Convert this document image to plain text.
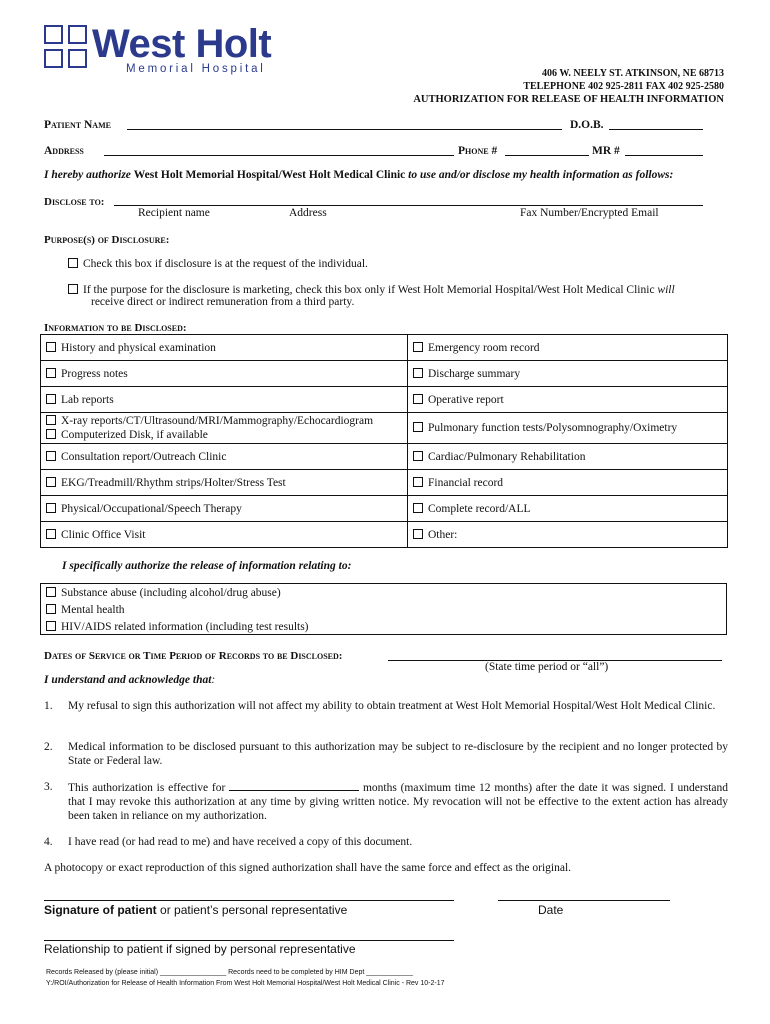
West Holt
Memorial Hospital	406 W. NEELY ST. ATKINSON, NE 68713
TELEPHONE 402 925-2811 FAX 402 925-2580
AUTHORIZATION FOR RELEASE OF HEALTH INFORMATION
Patient Name	D.O.B.
Address	Phone #	MR #
I hereby authorize West Holt Memorial Hospital/West Holt Medical Clinic to use and/or disclose my health information as follows:
Disclose to:
Recipient name	Address	Fax Number/Encrypted Email
Purpose(s) of Disclosure:
Check this box if disclosure is at the request of the individual.
If the purpose for the disclosure is marketing, check this box only if West Holt Memorial Hospital/West Holt Medical Clinic will
receive direct or indirect remuneration from a third party.
Information to be Disclosed:
History and physical examination	Emergency room record
Progress notes	Discharge summary
Lab reports	Operative report
X-ray reports/CT/Ultrasound/MRI/Mammography/Echocardiogram
Computerized Disk, if available	Pulmonary function tests/Polysomnography/Oximetry
Consultation report/Outreach Clinic	Cardiac/Pulmonary Rehabilitation
EKG/Treadmill/Rhythm strips/Holter/Stress Test	Financial record
Physical/Occupational/Speech Therapy	Complete record/ALL
Clinic Office Visit	Other:
I specifically authorize the release of information relating to:
Substance abuse (including alcohol/drug abuse)
Mental health
HIV/AIDS related information (including test results)
Dates of Service or Time Period of Records to be Disclosed:
(State time period or “all”)
I understand and acknowledge that:
1. My refusal to sign this authorization will not affect my ability to obtain treatment at West Holt Memorial Hospital/West Holt Medical Clinic.
2. Medical information to be disclosed pursuant to this authorization may be subject to re-disclosure by the recipient and no longer protected by State or Federal law.
3. This authorization is effective for	months (maximum time 12 months) after the date it was signed. I understand that I may revoke this authorization at any time by giving written notice. My revocation will not be effective to the extent action has already been taken in reliance on my authorization.
4. I have read (or had read to me) and have received a copy of this document.
A photocopy or exact reproduction of this signed authorization shall have the same force and effect as the original.
Signature of patient or patient’s personal representative	Date
Relationship to patient if signed by personal representative
Records Released by (please initial) _________________ Records need to be completed by HIM Dept ____________
Y:/ROI/Authorization for Release of Health Information From West Holt Memorial Hospital/West Holt Medical Clinic - Rev 10-2-17
